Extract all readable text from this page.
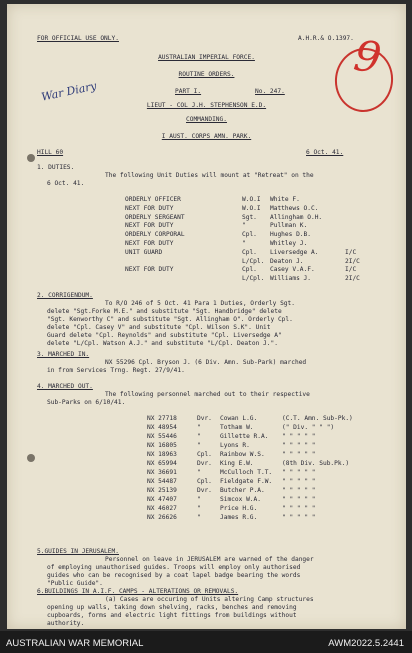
FOR OFFICIAL USE ONLY.	A.H.R.& O.1397.
AUSTRALIAN IMPERIAL FORCE.
ROUTINE ORDERS.
PART I.	No. 247.
LIEUT - COL J.H. STEPHENSON E.D.
COMMANDING.
I AUST. CORPS AMN. PARK.
HILL 60	6 Oct. 41.
1. DUTIES.
The following Unit Duties will mount at "Retreat" on the
6 Oct. 41.
ORDERLY OFFICER	W.O.I White F.
NEXT FOR DUTY	W.O.I Matthews O.C.
ORDERLY SERGEANT	Sgt. Allingham O.H.
NEXT FOR DUTY	"	Pullman K.
ORDERLY CORPORAL	Cpl. Hughes D.B.
NEXT FOR DUTY	"	Whitley J.
UNIT GUARD	Cpl. Liversedge A.	I/C
L/Cpl. Deaton J.	2I/C
NEXT FOR DUTY	Cpl. Casey V.A.F.	I/C
L/Cpl. Williams J.	2I/C
2. CORRIGENDUM.
To R/O 246 of 5 Oct. 41 Para 1 Duties, Orderly Sgt.
delete "Sgt.Forke M.E." and substitute "Sgt. Handbridge" delete
"Sgt. Kenworthy C" and substitute "Sgt. Allingham O". Orderly Cpl.
delete "Cpl. Casey V" and substitute "Cpl. Wilson S.K". Unit
Guard delete "Cpl. Reynolds" and substitute "Cpl. Liversedge A"
delete "L/Cpl. Watson A.J." and substitute "L/Cpl. Deaton J.".
3. MARCHED IN.
NX 55296 Cpl. Bryson J. (6 Div. Amn. Sub-Park) marched
in from Services Trng. Regt. 27/9/41.
4. MARCHED OUT.
The following personnel marched out to their respective
Sub-Parks on 6/10/41.
NX 27718	Dvr. Cowan L.G.	(C.T. Amn. Sub-Pk.)
NX 48954	"	Totham W.	(" Div. " " ")
NX 55446	"	Gillette R.A. " " " " "
NX 16805	"	Lyons R.	" " " " "
NX 18963	Cpl. Rainbow W.S.	" " " " "
NX 65994	Dvr. King E.W.	(8th Div. Sub.Pk.)
NX 36691	"	McCulloch T.T. " " " " "
NX 54487	Cpl. Fieldgate F.W. " " " " "
NX 25139	Dvr. Butcher P.A.	" " " " "
NX 47407	"	Simcox W.A.	" " " " "
NX 46027	"	Price H.G.	" " " " "
NX 26626	"	James R.G.	" " " " "
5.GUIDES IN JERUSALEM.
Personnel on leave in JERUSALEM are warned of the danger
of employing unauthorised guides. Troops will employ only authorised
guides who can be recognised by a coat lapel badge bearing the words
"Public Guide".
6.BUILDINGS IN A.I.F. CAMPS - ALTERATIONS OR REMOVALS.
(a) Cases are occuring of Units altering Camp structures
opening up walls, taking down shelving, racks, benches and removing
cupboards, forms and electric light fittings from buildings without
authority.
War Diary
9
AUSTRALIAN WAR MEMORIAL	AWM2022.5.2441
